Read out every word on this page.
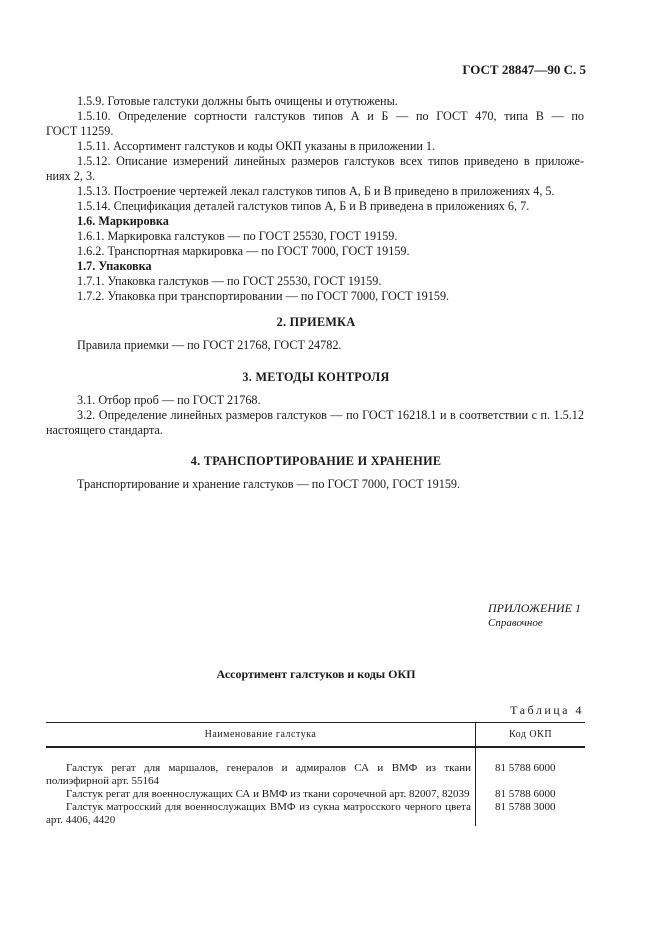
ГОСТ 28847—90 С. 5
1.5.9. Готовые галстуки должны быть очищены и отутюжены.
1.5.10. Определение сортности галстуков типов А и Б — по ГОСТ 470, типа В — по
ГОСТ 11259.
1.5.11. Ассортимент галстуков и коды ОКП указаны в приложении 1.
1.5.12. Описание измерений линейных размеров галстуков всех типов приведено в приложе-
ниях 2, 3.
1.5.13. Построение чертежей лекал галстуков типов А, Б и В приведено в приложениях 4, 5.
1.5.14. Спецификация деталей галстуков типов А, Б и В приведена в приложениях 6, 7.
1.6. Маркировка
1.6.1. Маркировка галстуков — по ГОСТ 25530, ГОСТ 19159.
1.6.2. Транспортная маркировка — по ГОСТ 7000, ГОСТ 19159.
1.7. Упаковка
1.7.1. Упаковка галстуков — по ГОСТ 25530, ГОСТ 19159.
1.7.2. Упаковка при транспортировании — по ГОСТ 7000, ГОСТ 19159.
2. ПРИЕМКА
Правила приемки — по ГОСТ 21768, ГОСТ 24782.
3. МЕТОДЫ КОНТРОЛЯ
3.1. Отбор проб — по ГОСТ 21768.
3.2. Определение линейных размеров галстуков — по ГОСТ 16218.1 и в соответствии с п. 1.5.12
настоящего стандарта.
4. ТРАНСПОРТИРОВАНИЕ И ХРАНЕНИЕ
Транспортирование и хранение галстуков — по ГОСТ 7000, ГОСТ 19159.
ПРИЛОЖЕНИЕ 1
Справочное
Ассортимент галстуков и коды ОКП
Таблица 4
Наименование галстука	Код ОКП
Галстук регат для маршалов, генералов и адмиралов СА и ВМФ из ткани
полиэфирной арт. 55164
81 5788 6000
Галстук регат для военнослужащих СА и ВМФ из ткани сорочечной арт. 82007, 82039 81 5788 6000
Галстук матросский для военнослужащих ВМФ из сукна матросского черного цвета
арт. 4406, 4420
81 5788 3000
